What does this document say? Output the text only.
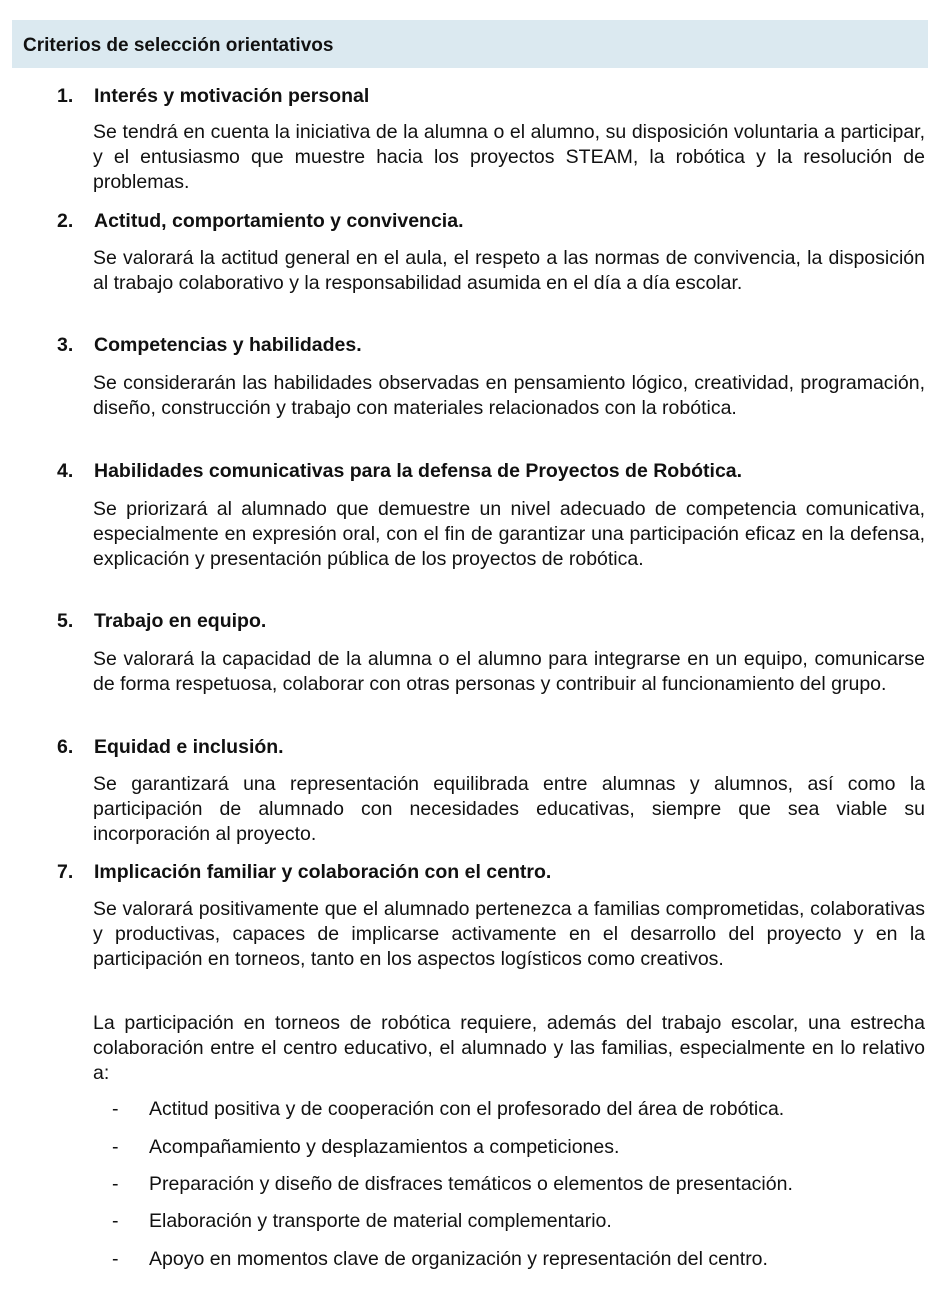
Criterios de selección orientativos
1. Interés y motivación personal
Se tendrá en cuenta la iniciativa de la alumna o el alumno, su disposición voluntaria a participar, y el entusiasmo que muestre hacia los proyectos STEAM, la robótica y la resolución de problemas.
2. Actitud, comportamiento y convivencia.
Se valorará la actitud general en el aula, el respeto a las normas de convivencia, la disposición al trabajo colaborativo y la responsabilidad asumida en el día a día escolar.
3. Competencias y habilidades.
Se considerarán las habilidades observadas en pensamiento lógico, creatividad, programación, diseño, construcción y trabajo con materiales relacionados con la robótica.
4. Habilidades comunicativas para la defensa de Proyectos de Robótica.
Se priorizará al alumnado que demuestre un nivel adecuado de competencia comunicativa, especialmente en expresión oral, con el fin de garantizar una participación eficaz en la defensa, explicación y presentación pública de los proyectos de robótica.
5. Trabajo en equipo.
Se valorará la capacidad de la alumna o el alumno para integrarse en un equipo, comunicarse de forma respetuosa, colaborar con otras personas y contribuir al funcionamiento del grupo.
6. Equidad e inclusión.
Se garantizará una representación equilibrada entre alumnas y alumnos, así como la participación de alumnado con necesidades educativas, siempre que sea viable su incorporación al proyecto.
7. Implicación familiar y colaboración con el centro.
Se valorará positivamente que el alumnado pertenezca a familias comprometidas, colaborativas y productivas, capaces de implicarse activamente en el desarrollo del proyecto y en la participación en torneos, tanto en los aspectos logísticos como creativos.
La participación en torneos de robótica requiere, además del trabajo escolar, una estrecha colaboración entre el centro educativo, el alumnado y las familias, especialmente en lo relativo a:
- Actitud positiva y de cooperación con el profesorado del área de robótica.
- Acompañamiento y desplazamientos a competiciones.
- Preparación y diseño de disfraces temáticos o elementos de presentación.
- Elaboración y transporte de material complementario.
- Apoyo en momentos clave de organización y representación del centro.
